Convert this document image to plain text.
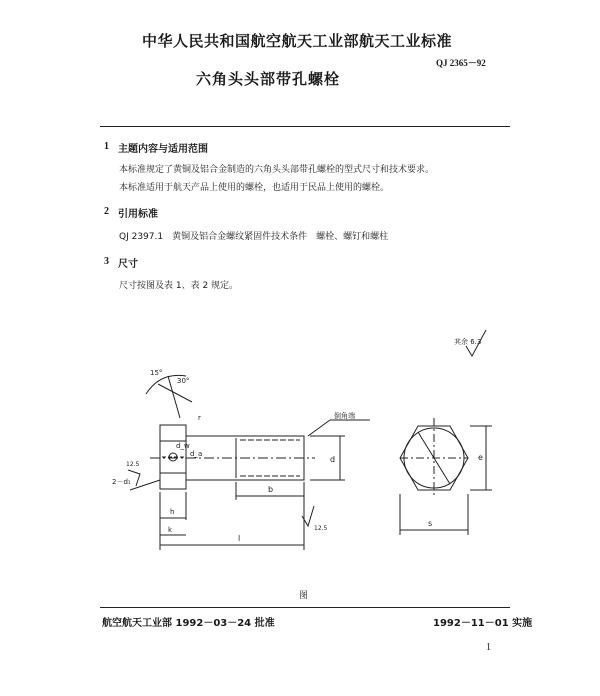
中华人民共和国航空航天工业部航天工业标准
QJ 2365－92
六角头头部带孔螺栓
1 主题内容与适用范围
本标准规定了黄铜及铝合金制造的六角头头部带孔螺栓的型式尺寸和技术要求。
本标准适用于航天产品上使用的螺栓，也适用于民品上使用的螺栓。
2 引用标准
QJ 2397.1　黄铜及铝合金螺纹紧固件技术条件　螺栓、螺钉和螺柱
3 尺寸
尺寸按图及表 1、表 2 规定。
其余 6.3
15°
30°
r
d_a
d_w
d
b
l
k
h
e
s
2－d₁
12.5
12.5
倒角端
图
航空航天工业部 1992－03－24 批准	1992－11－01 实施
1
